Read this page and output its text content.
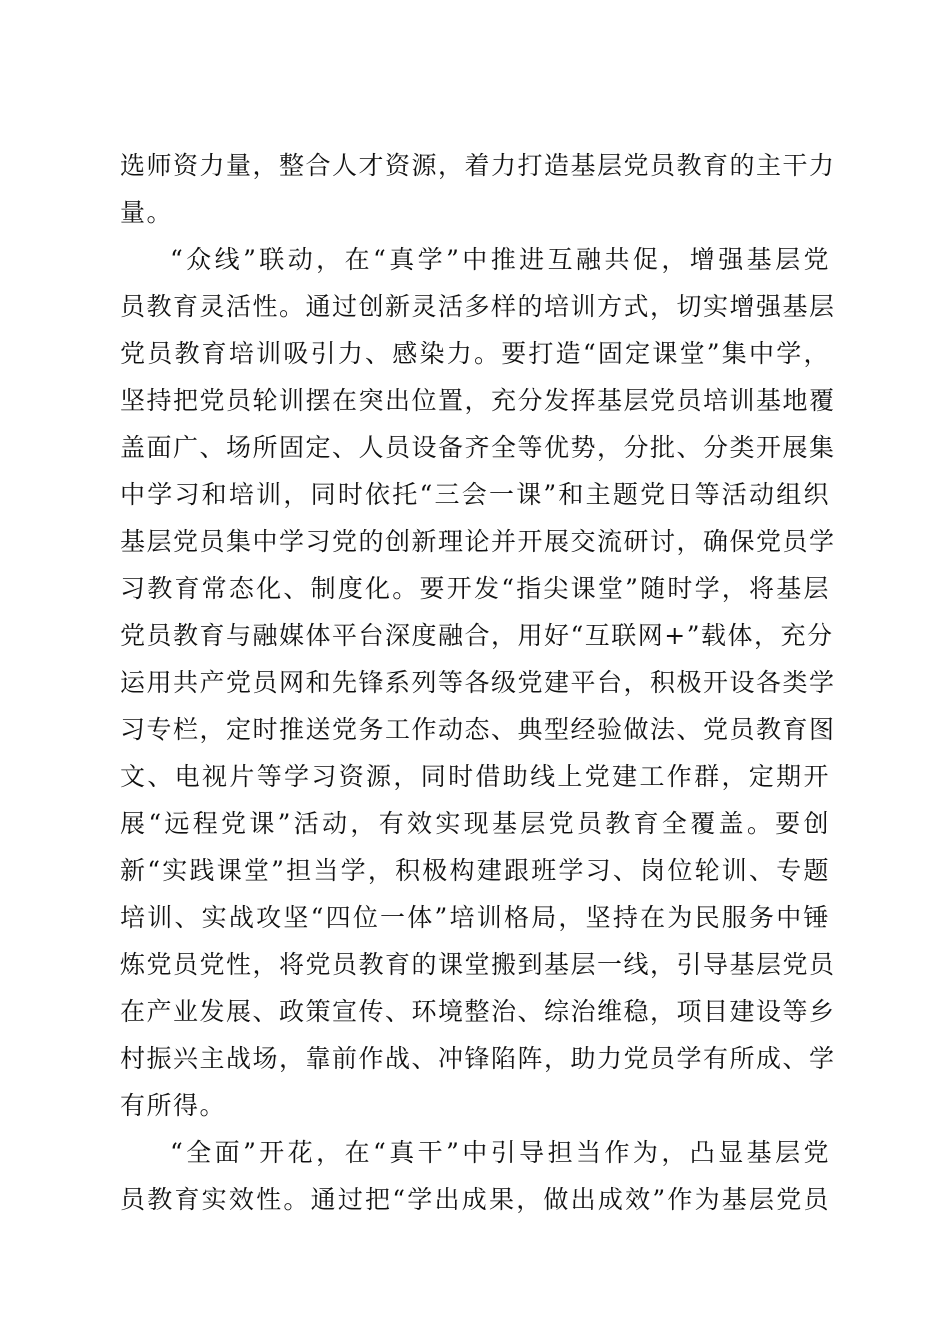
选师资力量，整合人才资源，着力打造基层党员教育的主干力
量。
“众线”联动，在“真学”中推进互融共促，增强基层党
员教育灵活性。通过创新灵活多样的培训方式，切实增强基层
党员教育培训吸引力、感染力。要打造“固定课堂”集中学，
坚持把党员轮训摆在突出位置，充分发挥基层党员培训基地覆
盖面广、场所固定、人员设备齐全等优势，分批、分类开展集
中学习和培训，同时依托“三会一课”和主题党日等活动组织
基层党员集中学习党的创新理论并开展交流研讨，确保党员学
习教育常态化、制度化。要开发“指尖课堂”随时学，将基层
党员教育与融媒体平台深度融合，用好“互联网+”载体，充分
运用共产党员网和先锋系列等各级党建平台，积极开设各类学
习专栏，定时推送党务工作动态、典型经验做法、党员教育图
文、电视片等学习资源，同时借助线上党建工作群，定期开
展“远程党课”活动，有效实现基层党员教育全覆盖。要创
新“实践课堂”担当学，积极构建跟班学习、岗位轮训、专题
培训、实战攻坚“四位一体”培训格局，坚持在为民服务中锤
炼党员党性，将党员教育的课堂搬到基层一线，引导基层党员
在产业发展、政策宣传、环境整治、综治维稳，项目建设等乡
村振兴主战场，靠前作战、冲锋陷阵，助力党员学有所成、学
有所得。
“全面”开花，在“真干”中引导担当作为，凸显基层党
员教育实效性。通过把“学出成果，做出成效”作为基层党员
